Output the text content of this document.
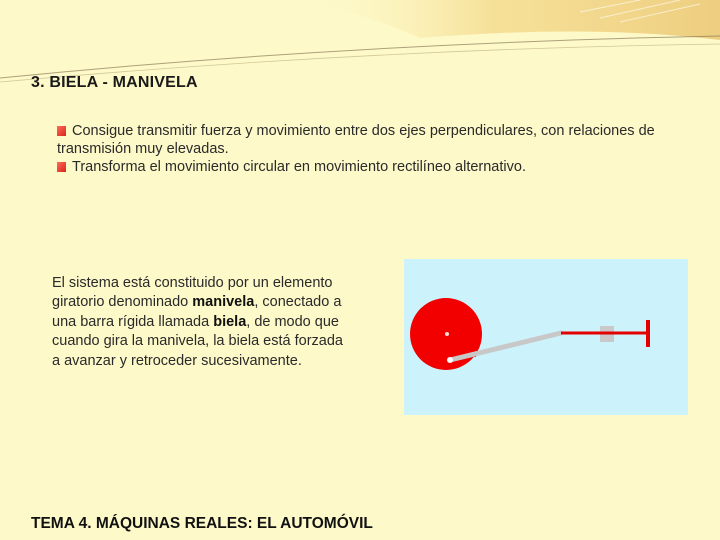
3. BIELA - MANIVELA

Consigue transmitir fuerza y movimiento entre dos ejes perpendiculares, con relaciones de transmisión muy elevadas.

Transforma el movimiento circular en movimiento rectilíneo alternativo.

El sistema está constituido por un elemento giratorio denominado manivela, conectado a una barra rígida llamada biela, de modo que cuando gira la manivela, la biela está forzada a avanzar y retroceder sucesivamente.
TEMA 4. MÁQUINAS REALES: EL AUTOMÓVIL
